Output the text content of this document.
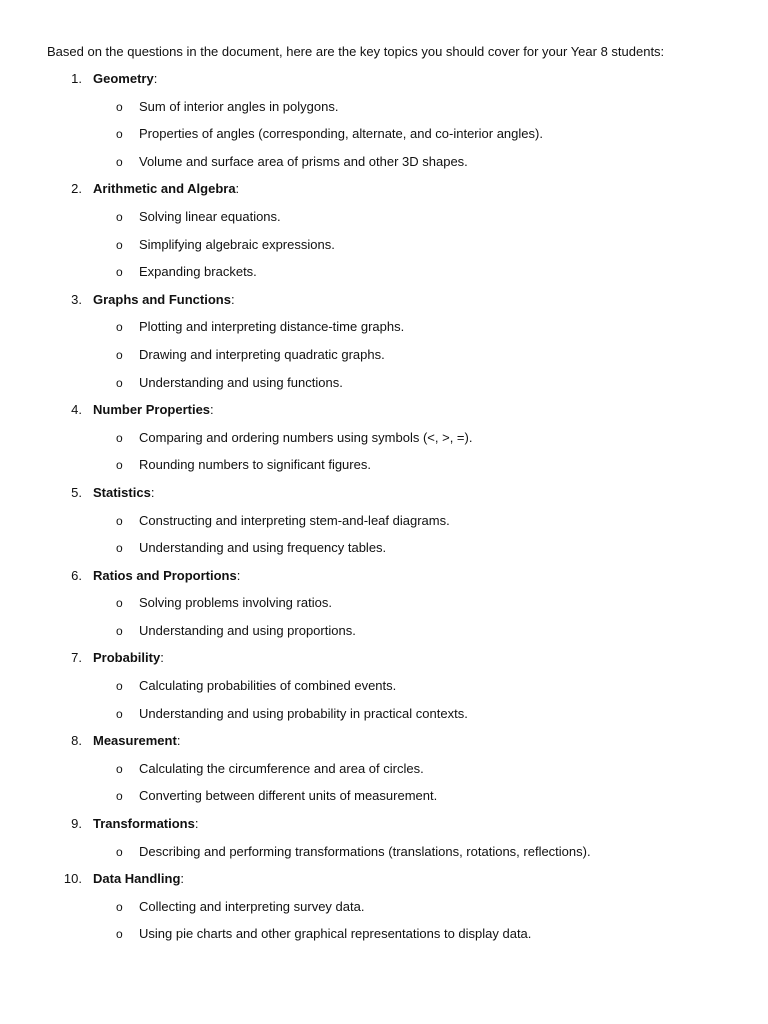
Based on the questions in the document, here are the key topics you should cover for your Year 8 students:
1. Geometry:
o Sum of interior angles in polygons.
o Properties of angles (corresponding, alternate, and co-interior angles).
o Volume and surface area of prisms and other 3D shapes.
2. Arithmetic and Algebra:
o Solving linear equations.
o Simplifying algebraic expressions.
o Expanding brackets.
3. Graphs and Functions:
o Plotting and interpreting distance-time graphs.
o Drawing and interpreting quadratic graphs.
o Understanding and using functions.
4. Number Properties:
o Comparing and ordering numbers using symbols (<, >, =).
o Rounding numbers to significant figures.
5. Statistics:
o Constructing and interpreting stem-and-leaf diagrams.
o Understanding and using frequency tables.
6. Ratios and Proportions:
o Solving problems involving ratios.
o Understanding and using proportions.
7. Probability:
o Calculating probabilities of combined events.
o Understanding and using probability in practical contexts.
8. Measurement:
o Calculating the circumference and area of circles.
o Converting between different units of measurement.
9. Transformations:
o Describing and performing transformations (translations, rotations, reflections).
10. Data Handling:
o Collecting and interpreting survey data.
o Using pie charts and other graphical representations to display data.
